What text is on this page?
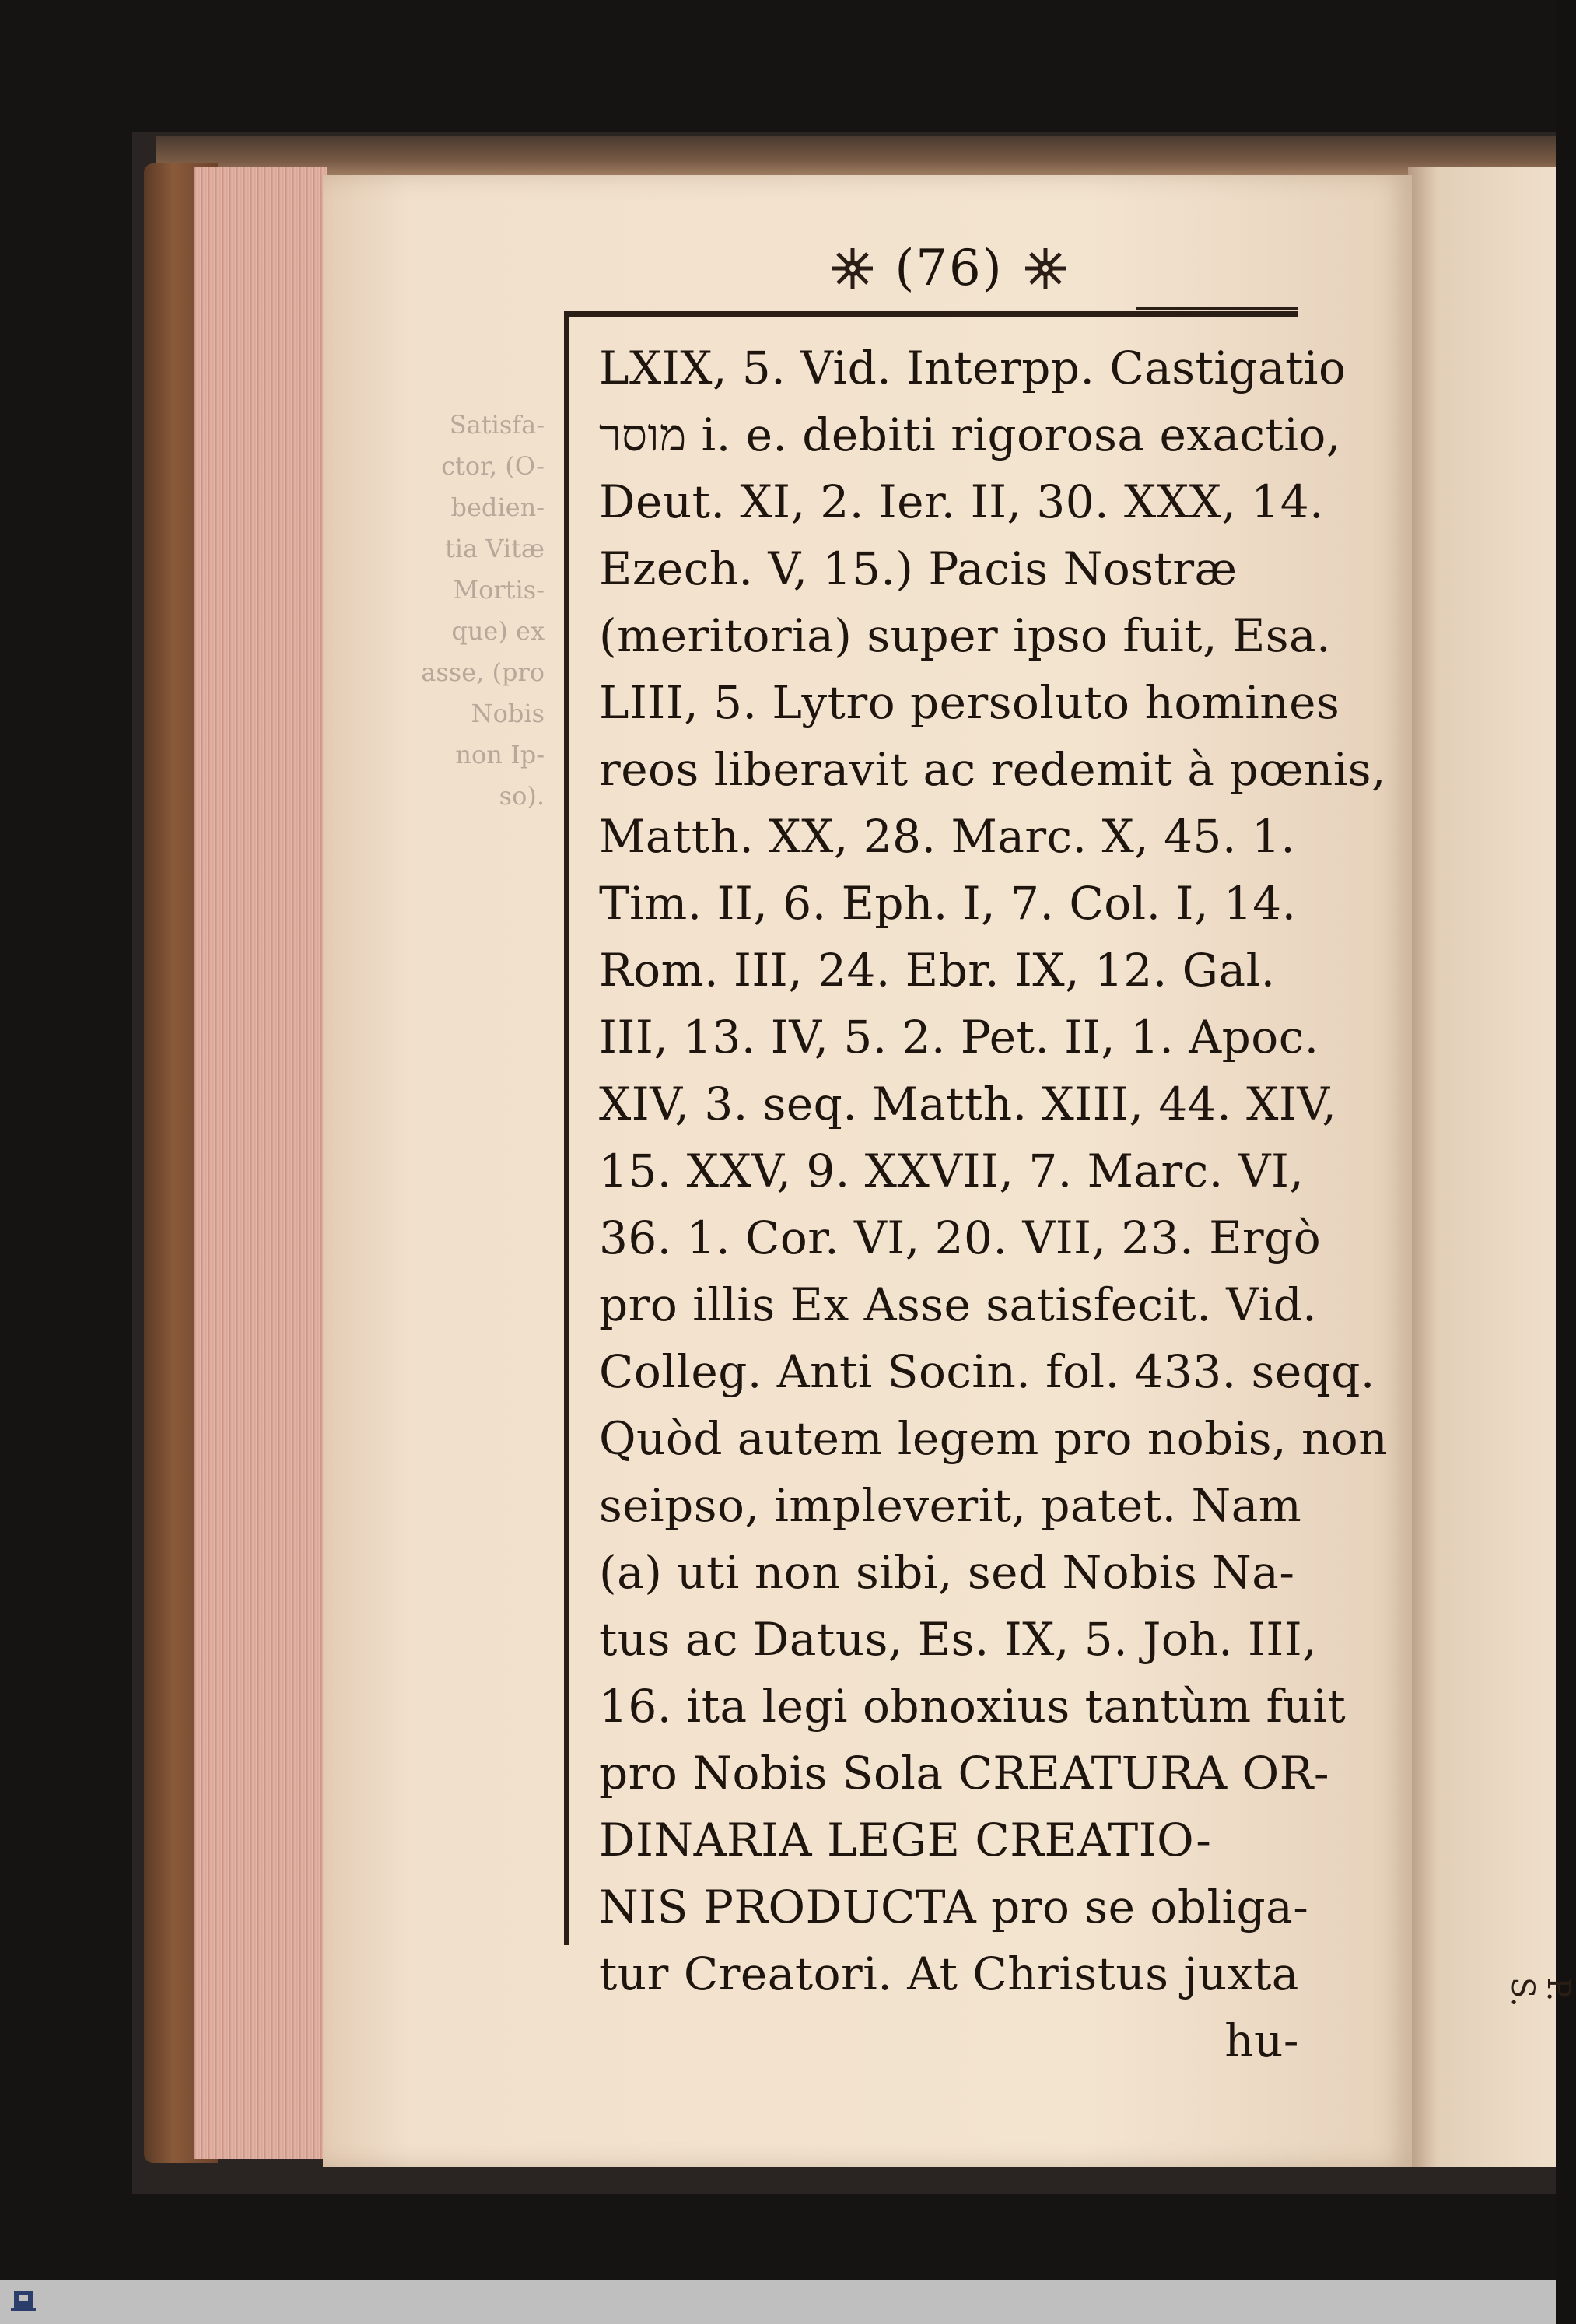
P. S.
Satisfa-
ctor, (O-
bedien-
tia Vitæ
Mortis-
que) ex
asse, (pro
Nobis
non Ip-
so).
(76)
LXIX, 5. Vid. Interpp. Castigatio
מוסר i. e. debiti rigorosa exactio,
Deut. XI, 2. Ier. II, 30. XXX, 14.
Ezech. V, 15.) Pacis Nostræ
(meritoria) super ipso fuit, Esa.
LIII, 5. Lytro persoluto homines
reos liberavit ac redemit à pœnis,
Matth. XX, 28. Marc. X, 45. 1.
Tim. II, 6. Eph. I, 7. Col. I, 14.
Rom. III, 24. Ebr. IX, 12. Gal.
III, 13. IV, 5. 2. Pet. II, 1. Apoc.
XIV, 3. seq. Matth. XIII, 44. XIV,
15. XXV, 9. XXVII, 7. Marc. VI,
36. 1. Cor. VI, 20. VII, 23. Ergò
pro illis Ex Asse satisfecit. Vid.
Colleg. Anti Socin. fol. 433. seqq.
Quòd autem legem pro nobis, non
seipso, impleverit, patet. Nam
(a) uti non sibi, sed Nobis Na-
tus ac Datus, Es. IX, 5. Joh. III,
16. ita legi obnoxius tantùm fuit
pro Nobis Sola CREATURA OR-
DINARIA LEGE CREATIO-
NIS PRODUCTA pro se obliga-
tur Creatori. At Christus juxta
hu-
